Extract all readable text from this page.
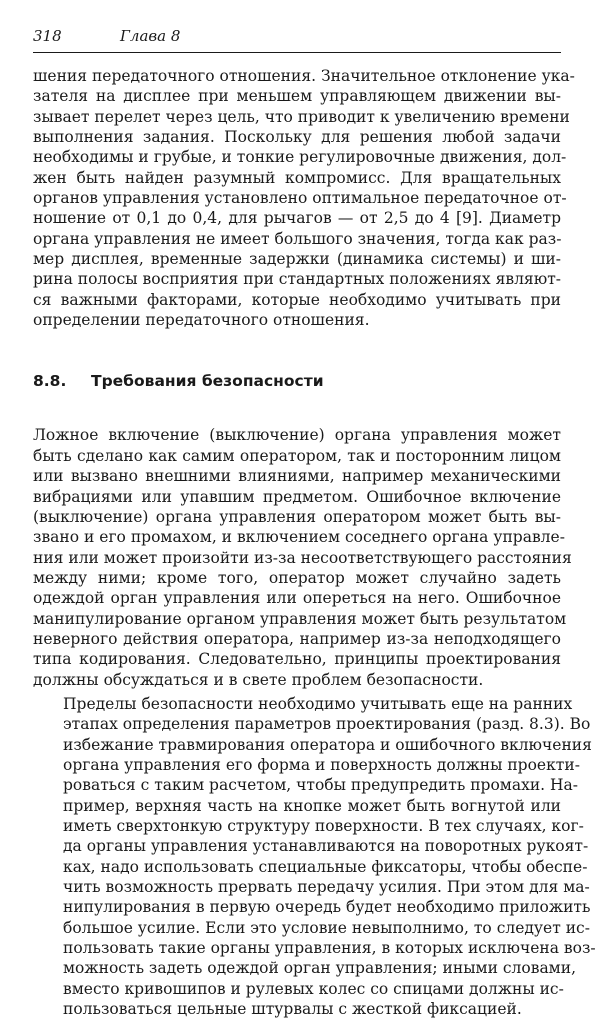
318	Глава 8

шения передаточного отношения. Значительное отклонение ука-
зателя на дисплее при меньшем управляющем движении вы-
зывает перелет через цель, что приводит к увеличению времени
выполнения задания. Поскольку для решения любой задачи
необходимы и грубые, и тонкие регулировочные движения, дол-
жен быть найден разумный компромисс. Для вращательных
органов управления установлено оптимальное передаточное от-
ношение от 0,1 до 0,4, для рычагов — от 2,5 до 4 [9]. Диаметр
органа управления не имеет большого значения, тогда как раз-
мер дисплея, временные задержки (динамика системы) и ши-
рина полосы восприятия при стандартных положениях являют-
ся важными факторами, которые необходимо учитывать при
определении передаточного отношения.

8.8. Требования безопасности

Ложное включение (выключение) органа управления может
быть сделано как самим оператором, так и посторонним лицом
или вызвано внешними влияниями, например механическими
вибрациями или упавшим предметом. Ошибочное включение
(выключение) органа управления оператором может быть вы-
звано и его промахом, и включением соседнего органа управле-
ния или может произойти из-за несоответствующего расстояния
между ними; кроме того, оператор может случайно задеть
одеждой орган управления или опереться на него. Ошибочное
манипулирование органом управления может быть результатом
неверного действия оператора, например из-за неподходящего
типа кодирования. Следовательно, принципы проектирования
должны обсуждаться и в свете проблем безопасности.

Пределы безопасности необходимо учитывать еще на ранних
этапах определения параметров проектирования (разд. 8.3). Во
избежание травмирования оператора и ошибочного включения
органа управления его форма и поверхность должны проекти-
роваться с таким расчетом, чтобы предупредить промахи. На-
пример, верхняя часть на кнопке может быть вогнутой или
иметь сверхтонкую структуру поверхности. В тех случаях, ког-
да органы управления устанавливаются на поворотных рукоят-
ках, надо использовать специальные фиксаторы, чтобы обеспе-
чить возможность прервать передачу усилия. При этом для ма-
нипулирования в первую очередь будет необходимо приложить
большое усилие. Если это условие невыполнимо, то следует ис-
пользовать такие органы управления, в которых исключена воз-
можность задеть одеждой орган управления; иными словами,
вместо кривошипов и рулевых колес со спицами должны ис-
пользоваться цельные штурвалы с жесткой фиксацией.
